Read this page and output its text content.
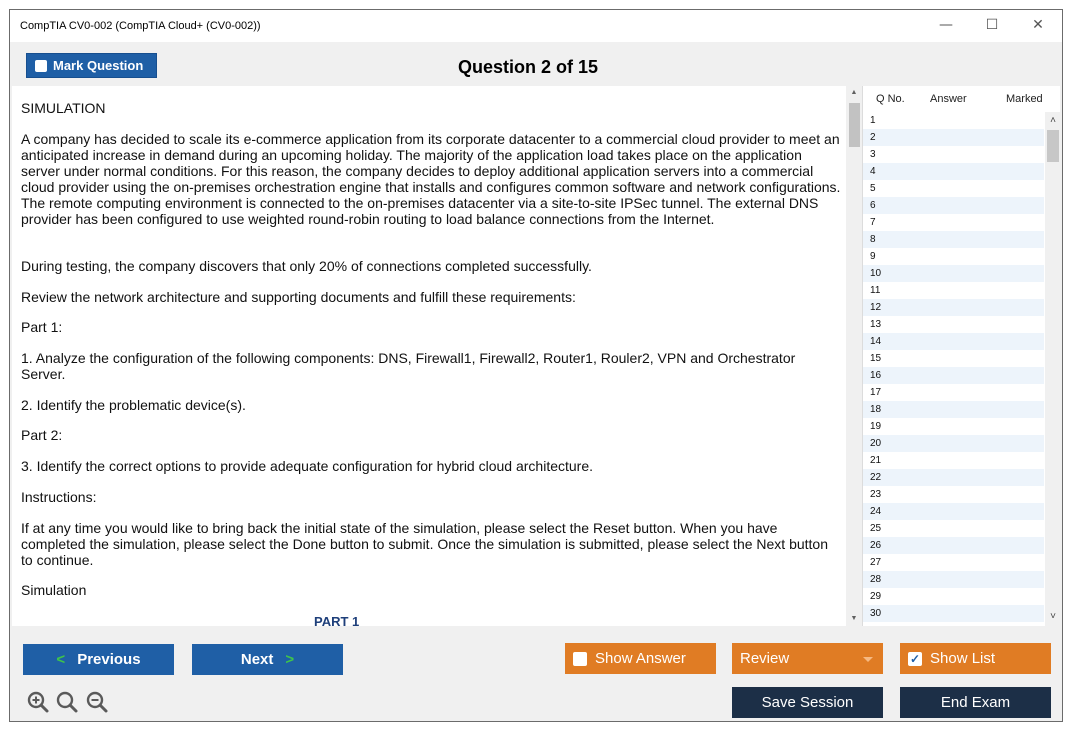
CompTIA CV0-002 (CompTIA Cloud+ (CV0-002))	—	☐	✕
Mark Question	Question 2 of 15

SIMULATION

A company has decided to scale its e-commerce application from its corporate datacenter to a commercial cloud provider to meet an anticipated increase in demand during an upcoming holiday. The majority of the application load takes place on the application server under normal conditions. For this reason, the company decides to deploy additional application servers into a commercial cloud provider using the on-premises orchestration engine that installs and configures common software and network configurations. The remote computing environment is connected to the on-premises datacenter via a site-to-site IPSec tunnel. The external DNS provider has been configured to use weighted round-robin routing to load balance connections from the Internet.

During testing, the company discovers that only 20% of connections completed successfully.

Review the network architecture and supporting documents and fulfill these requirements:

Part 1:

1. Analyze the configuration of the following components: DNS, Firewall1, Firewall2, Router1, Rouler2, VPN and Orchestrator Server.

2. Identify the problematic device(s).

Part 2:

3. Identify the correct options to provide adequate configuration for hybrid cloud architecture.

Instructions:

If at any time you would like to bring back the initial state of the simulation, please select the Reset button. When you have completed the simulation, please select the Done button to submit. Once the simulation is submitted, please select the Next button to continue.

Simulation

PART 1
▲
▼
Q No. Answer	Marked
1
2
3
4
5
6
7
8
9
10
11
12
13
14
15
16
17
18
19
20
21
22
23
24
25
26
27
28
29
30
˄
˅
< Previous	Next >	Show Answer	Review	✓ Show List
Save Session	End Exam
